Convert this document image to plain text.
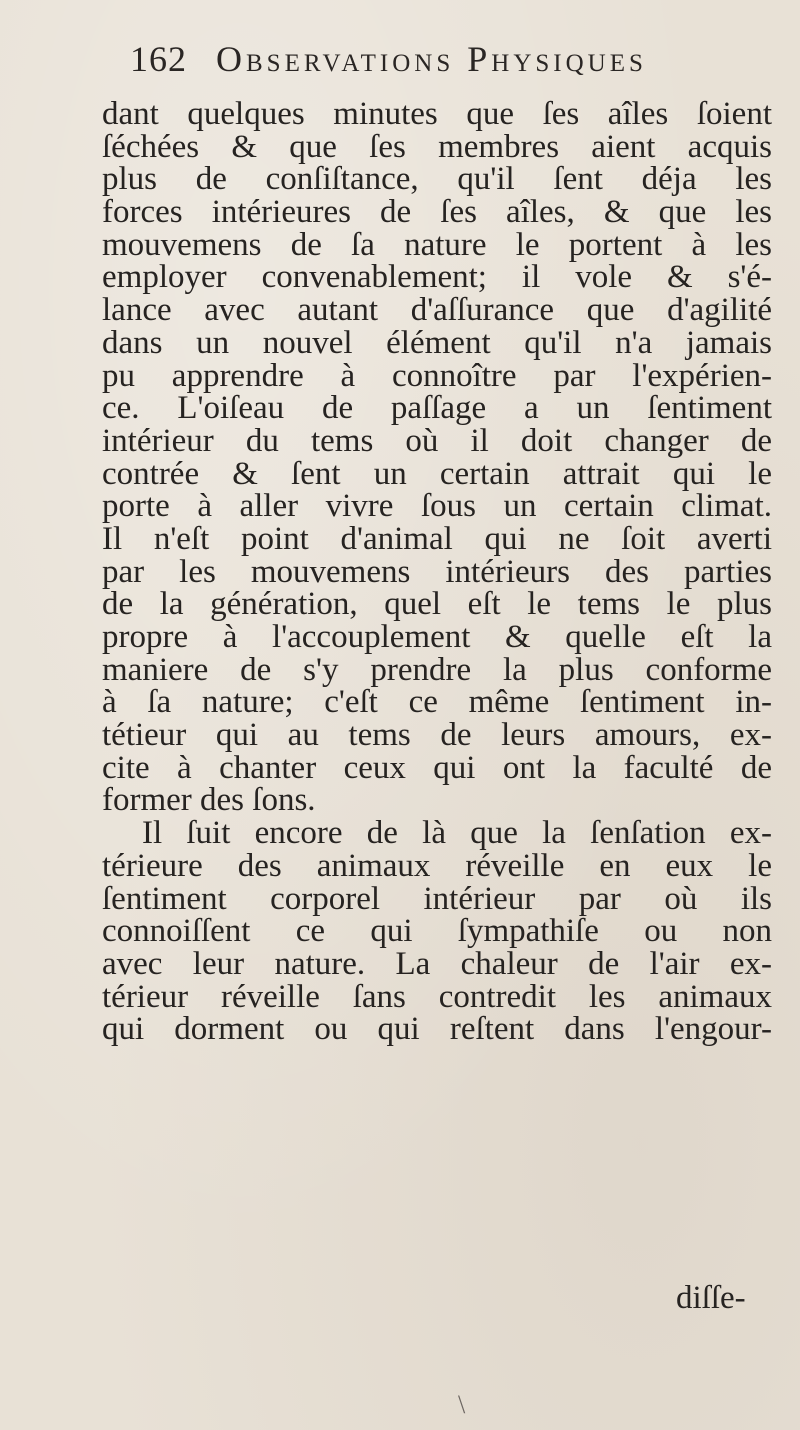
162 Observations Physiques
dant quelques minutes que ſes aîles ſoient
ſéchées & que ſes membres aient acquis
plus de conſiſtance, qu'il ſent déja les
forces intérieures de ſes aîles, & que les
mouvemens de ſa nature le portent à les
employer convenablement; il vole & s'é-
lance avec autant d'aſſurance que d'agilité
dans un nouvel élément qu'il n'a jamais
pu apprendre à connoître par l'expérien-
ce. L'oiſeau de paſſage a un ſentiment
intérieur du tems où il doit changer de
contrée & ſent un certain attrait qui le
porte à aller vivre ſous un certain climat.
Il n'eſt point d'animal qui ne ſoit averti
par les mouvemens intérieurs des parties
de la génération, quel eſt le tems le plus
propre à l'accouplement & quelle eſt la
maniere de s'y prendre la plus conforme
à ſa nature; c'eſt ce même ſentiment in-
tétieur qui au tems de leurs amours, ex-
cite à chanter ceux qui ont la faculté de
former des ſons.
Il ſuit encore de là que la ſenſation ex-
térieure des animaux réveille en eux le
ſentiment corporel intérieur par où ils
connoiſſent ce qui ſympathiſe ou non
avec leur nature. La chaleur de l'air ex-
térieur réveille ſans contredit les animaux
qui dorment ou qui reſtent dans l'engour-
diſſe-
\
